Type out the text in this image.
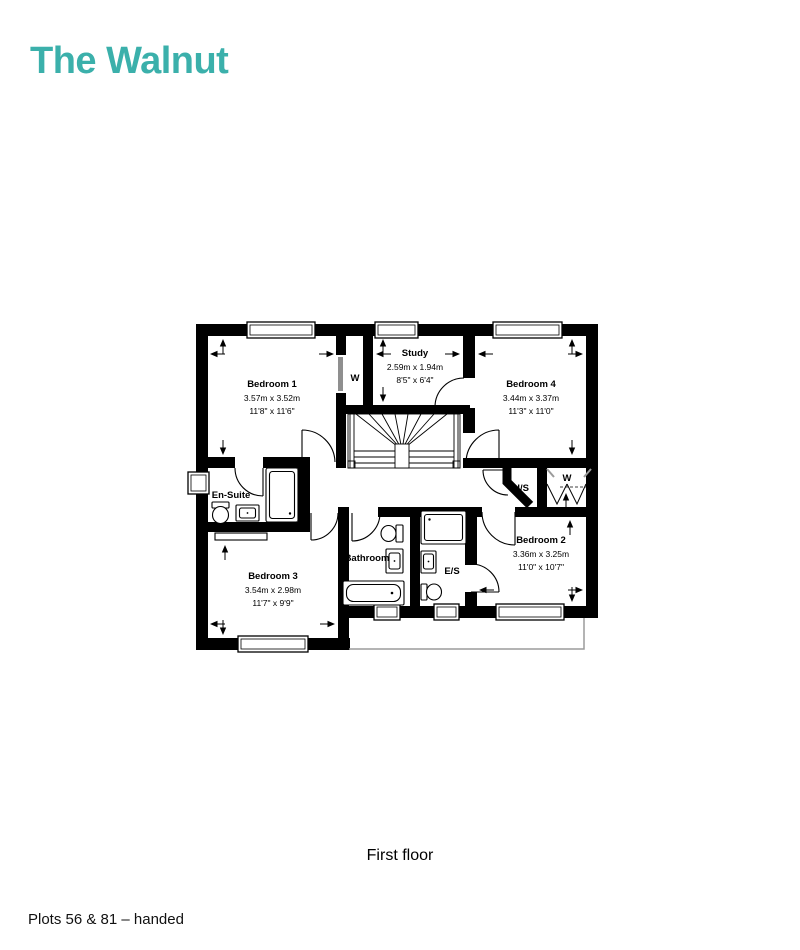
The Walnut
Bedroom 1
3.57m x 3.52m
11'8" x 11'6"
Study
2.59m x 1.94m
8'5" x 6'4"	Bedroom 4
3.44m x 3.37m
11'3" x 11'0"
Bedroom 2
3.36m x 3.25m
11'0" x 10'7"
Bedroom 3
3.54m x 2.98m
11'7" x 9'9"
En-Suite
Bathroom
E/S
H/S
W
W
First floor
Plots 56 & 81 – handed
